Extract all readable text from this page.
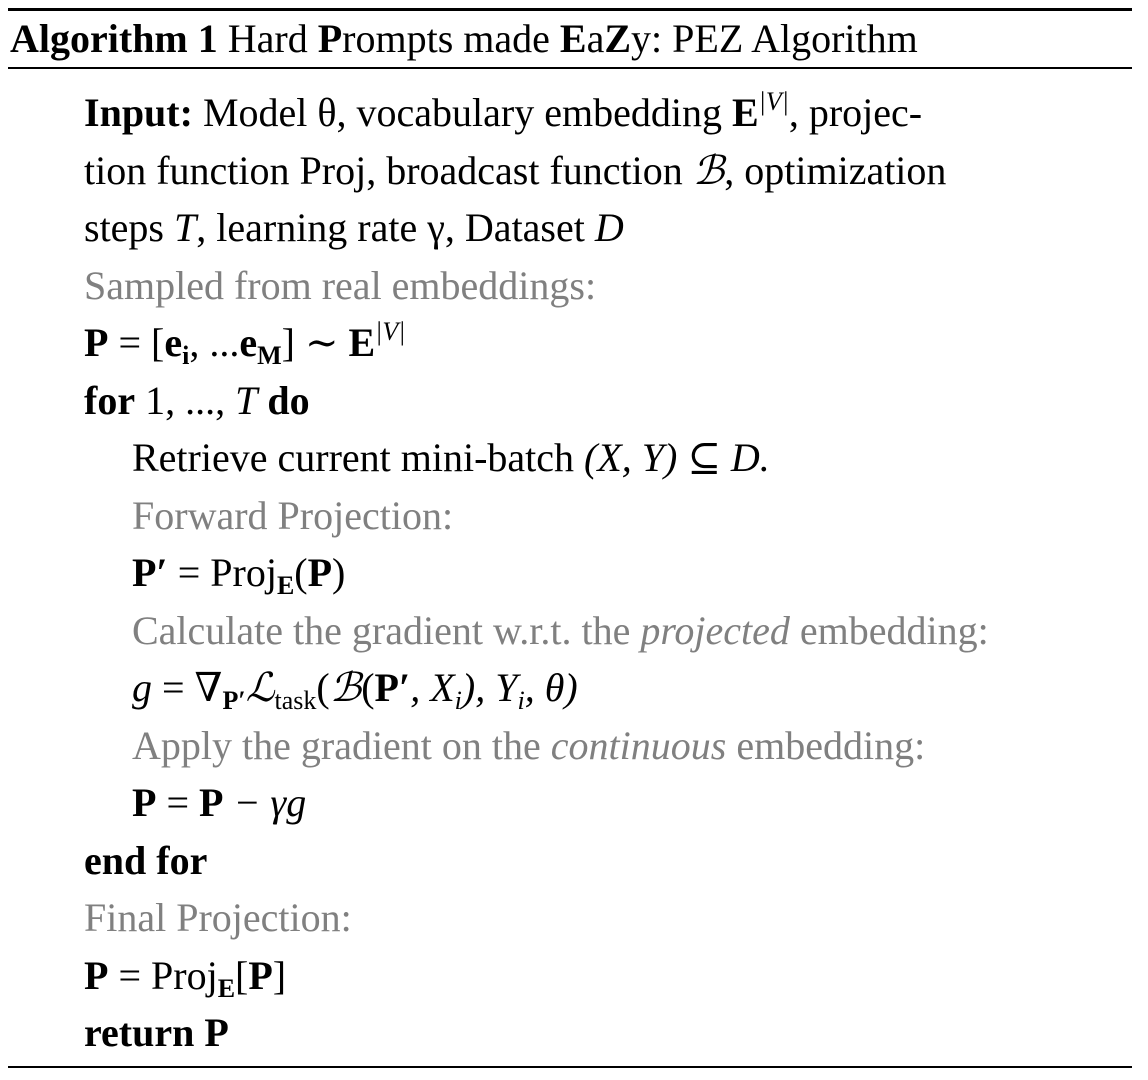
Algorithm 1 Hard Prompts made EaZy: PEZ Algorithm
Input: Model θ, vocabulary embedding $E^{|V|}$, projec-
tion function Proj, broadcast function ℬ, optimization
steps T, learning rate γ, Dataset D
Sampled from real embeddings:
$P = [e_i$, $...e_M$] ∼ $E^{|V|}$
for 1, ..., T do
Retrieve current mini-batch (X, Y) ⊆ D.
Forward Projection:
P′ = Proj$_E$(P)
Calculate the gradient w.r.t. the projected embedding:
$g = \nabla_{P'}ℒ_{task}(ℬ(P'$, $X_i$), $Y_i$, θ)
Apply the gradient on the continuous embedding:
P = P − γg
end for
Final Projection:
P = Proj$_E$[P]
return P
